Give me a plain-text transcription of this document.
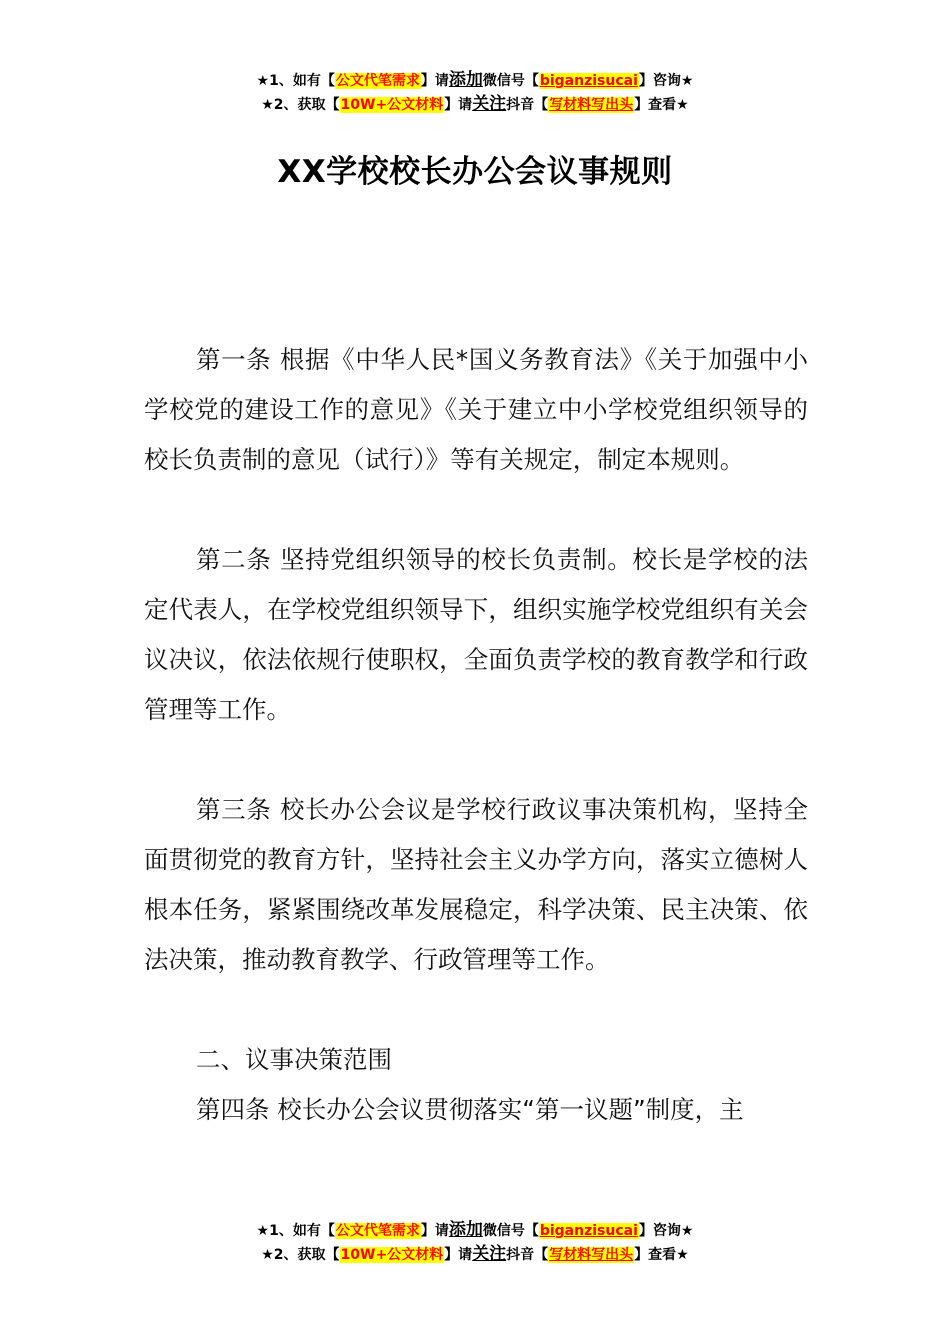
★1、如有【公文代笔需求】请添加微信号【biganzisucai】咨询★
★2、获取【10W+公文材料】请关注抖音【写材料写出头】查看★
XX学校校长办公会议事规则

第一条 根据《中华人民*国义务教育法》《关于加强中小学校党的建设工作的意见》《关于建立中小学校党组织领导的校长负责制的意见（试行）》等有关规定，制定本规则。

第二条 坚持党组织领导的校长负责制。校长是学校的法定代表人，在学校党组织领导下，组织实施学校党组织有关会议决议，依法依规行使职权，全面负责学校的教育教学和行政管理等工作。

第三条 校长办公会议是学校行政议事决策机构，坚持全面贯彻党的教育方针，坚持社会主义办学方向，落实立德树人根本任务，紧紧围绕改革发展稳定，科学决策、民主决策、依法决策，推动教育教学、行政管理等工作。

二、议事决策范围

第四条 校长办公会议贯彻落实“第一议题”制度，主

★1、如有【公文代笔需求】请添加微信号【biganzisucai】咨询★
★2、获取【10W+公文材料】请关注抖音【写材料写出头】查看★
